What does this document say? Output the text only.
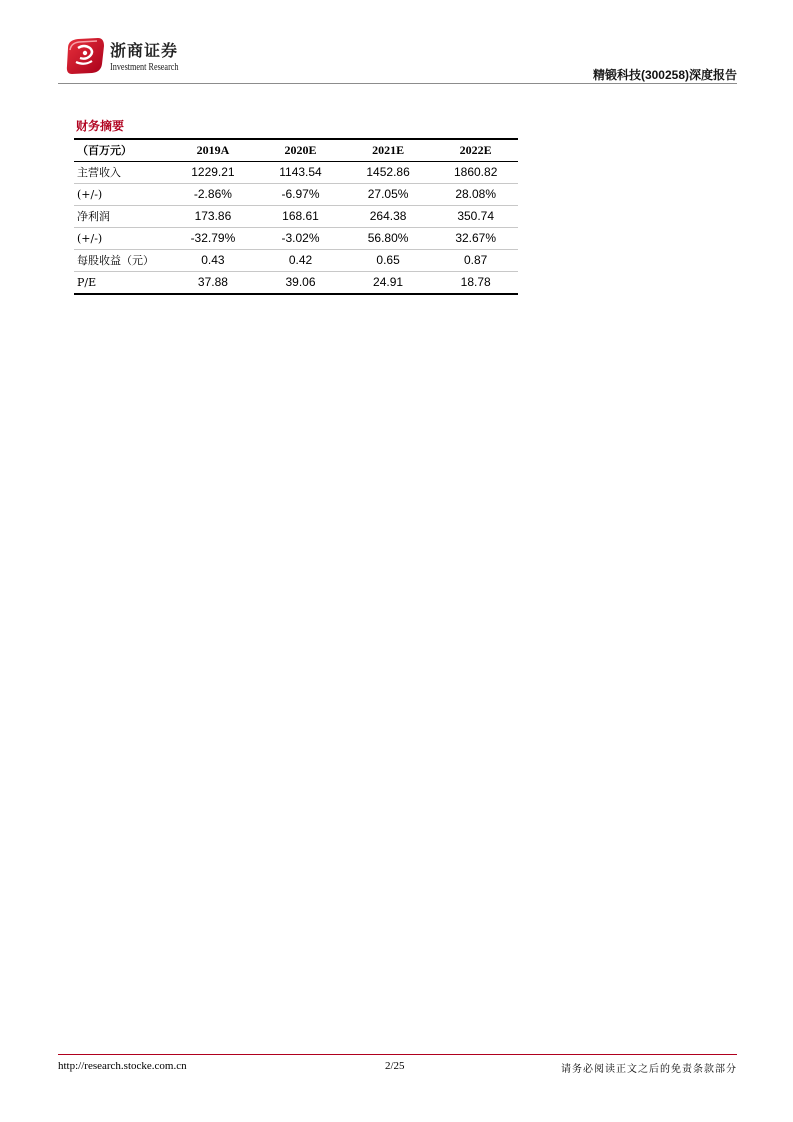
浙商证券
Investment Research
精锻科技(300258)深度报告
财务摘要
（百万元）	2019A	2020E	2021E	2022E
主营收入	1229.21	1143.54	1452.86	1860.82
(+/-)	-2.86%	-6.97%	27.05%	28.08%
净利润	173.86	168.61	264.38	350.74
(+/-)	-32.79%	-3.02%	56.80%	32.67%
每股收益（元）	0.43	0.42	0.65	0.87
P/E	37.88	39.06	24.91	18.78
http://research.stocke.com.cn	2/25	请务必阅读正文之后的免责条款部分
